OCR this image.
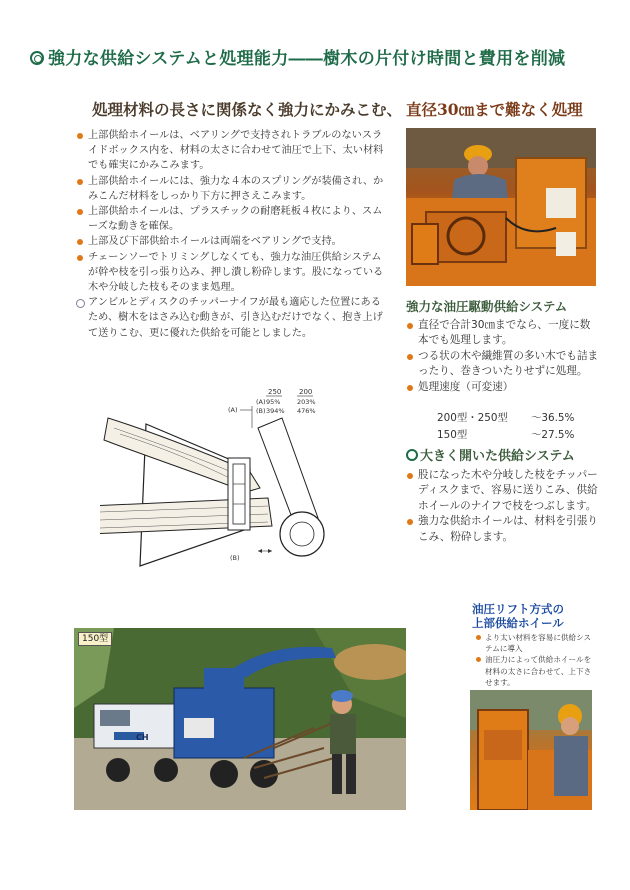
強力な供給システムと処理能力――樹木の片付け時間と費用を削減
処理材料の長さに関係なく強力にかみこむ、
上部供給ホイールは、ベアリングで支持されトラブルのないスライドボックス内を、材料の太さに合わせて油圧で上下、太い材料でも確実にかみこみます。
上部供給ホイールには、強力な４本のスプリングが装備され、かみこんだ材料をしっかり下方に押さえこみます。
上部供給ホイールは、プラスチックの耐磨耗板４枚により、スムーズな動きを確保。
上部及び下部供給ホイールは両端をベアリングで支持。
チェーンソーでトリミングしなくても、強力な油圧供給システムが幹や枝を引っ張り込み、押し潰し粉砕します。股になっている木や分岐した枝もそのまま処理。
アンビルとディスクのチッパーナイフが最も適応した位置にあるため、樹木をはさみ込む動きが、引き込むだけでなく、抱き上げて送りこむ、更に優れた供給を可能としました。
250	200
(A) 95%	203%
(B) 394% 476%
(A)
(B)
直径30㎝まで難なく処理
強力な油圧駆動供給システム
直径で合計30㎝までなら、一度に数本でも処理します。
つる状の木や繊維質の多い木でも詰まったり、巻きついたりせずに処理。
処理速度（可変速）
200型・250型	～36.5%
150型	～27.5%
大きく開いた供給システム
股になった木や分岐した枝をチッパーディスクまで、容易に送りこみ、供給ホイールのナイフで枝をつぶします。
強力な供給ホイールは、材料を引張りこみ、粉砕します。
油圧リフト方式の
上部供給ホイール
より太い材料を容易に供給システムに導入
油圧力によって供給ホイールを材料の太さに合わせて、上下させます。
CH
150型
